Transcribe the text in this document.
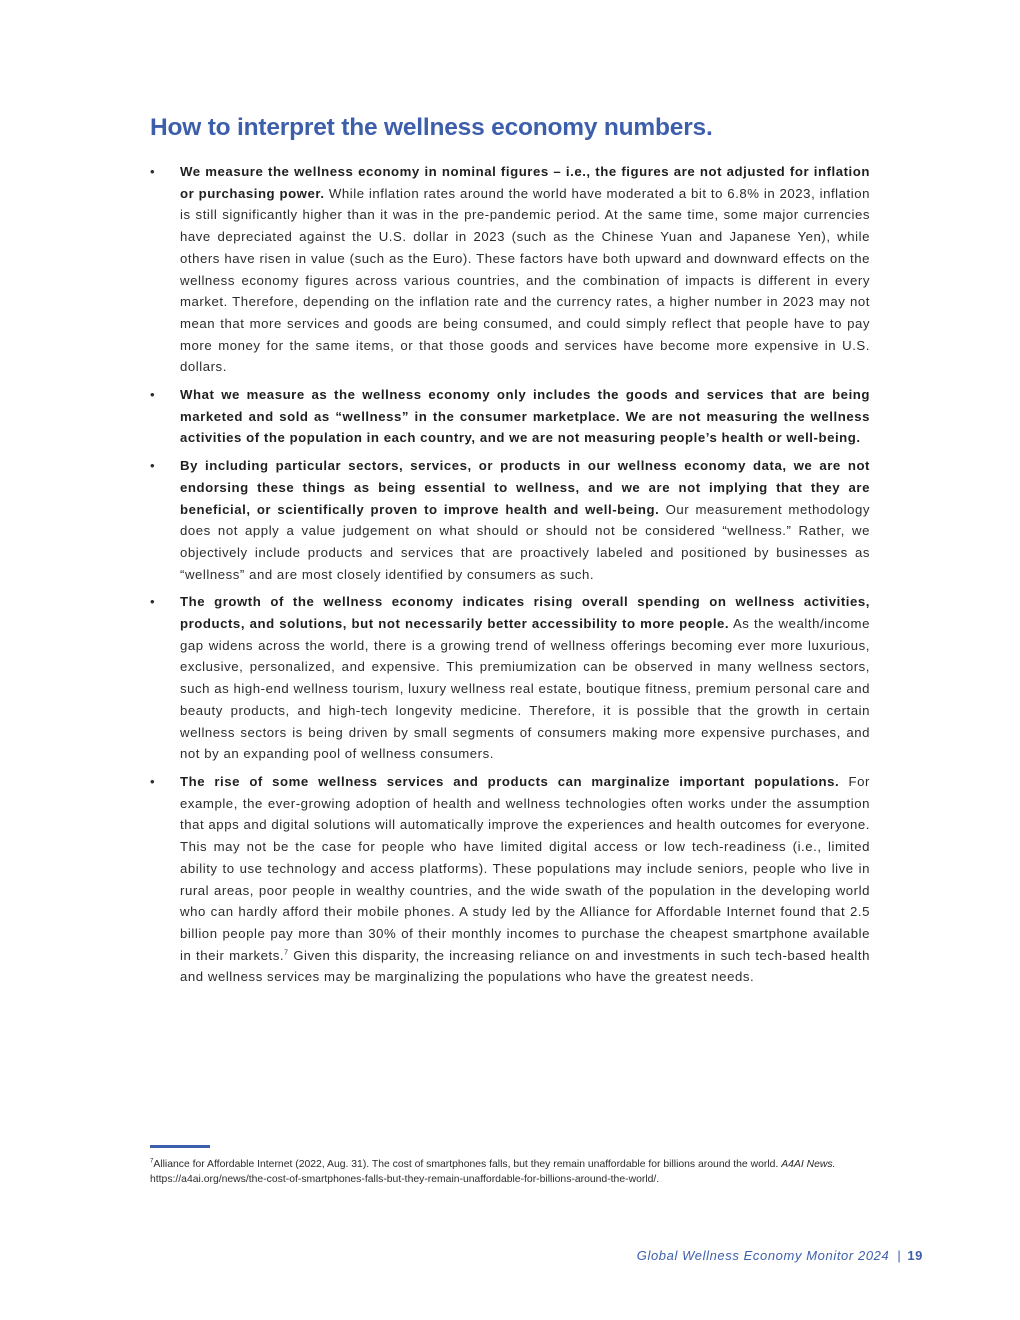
How to interpret the wellness economy numbers.
• We measure the wellness economy in nominal figures – i.e., the figures are not adjusted for inflation or purchasing power. While inflation rates around the world have moderated a bit to 6.8% in 2023, inflation is still significantly higher than it was in the pre-pandemic period. At the same time, some major currencies have depreciated against the U.S. dollar in 2023 (such as the Chinese Yuan and Japanese Yen), while others have risen in value (such as the Euro). These factors have both upward and downward effects on the wellness economy figures across various countries, and the combination of impacts is different in every market. Therefore, depending on the inflation rate and the currency rates, a higher number in 2023 may not mean that more services and goods are being consumed, and could simply reflect that people have to pay more money for the same items, or that those goods and services have become more expensive in U.S. dollars.
• What we measure as the wellness economy only includes the goods and services that are being marketed and sold as “wellness” in the consumer marketplace. We are not measuring the wellness activities of the population in each country, and we are not measuring people’s health or well-being.
• By including particular sectors, services, or products in our wellness economy data, we are not endorsing these things as being essential to wellness, and we are not implying that they are beneficial, or scientifically proven to improve health and well-being. Our measurement methodology does not apply a value judgement on what should or should not be considered “wellness.” Rather, we objectively include products and services that are proactively labeled and positioned by businesses as “wellness” and are most closely identified by consumers as such.
• The growth of the wellness economy indicates rising overall spending on wellness activities, products, and solutions, but not necessarily better accessibility to more people. As the wealth/income gap widens across the world, there is a growing trend of wellness offerings becoming ever more luxurious, exclusive, personalized, and expensive. This premiumization can be observed in many wellness sectors, such as high-end wellness tourism, luxury wellness real estate, boutique fitness, premium personal care and beauty products, and high-tech longevity medicine. Therefore, it is possible that the growth in certain wellness sectors is being driven by small segments of consumers making more expensive purchases, and not by an expanding pool of wellness consumers.
• The rise of some wellness services and products can marginalize important populations. For example, the ever-growing adoption of health and wellness technologies often works under the assumption that apps and digital solutions will automatically improve the experiences and health outcomes for everyone. This may not be the case for people who have limited digital access or low tech-readiness (i.e., limited ability to use technology and access platforms). These populations may include seniors, people who live in rural areas, poor people in wealthy countries, and the wide swath of the population in the developing world who can hardly afford their mobile phones. A study led by the Alliance for Affordable Internet found that 2.5 billion people pay more than 30% of their monthly incomes to purchase the cheapest smartphone available in their markets.$^7$ Given this disparity, the increasing reliance on and investments in such tech-based health and wellness services may be marginalizing the populations who have the greatest needs.
$^7$Alliance for Affordable Internet (2022, Aug. 31). The cost of smartphones falls, but they remain unaffordable for billions around the world. A4AI News. https://a4ai.org/news/the-cost-of-smartphones-falls-but-they-remain-unaffordable-for-billions-around-the-world/.
Global Wellness Economy Monitor 2024 | 19
